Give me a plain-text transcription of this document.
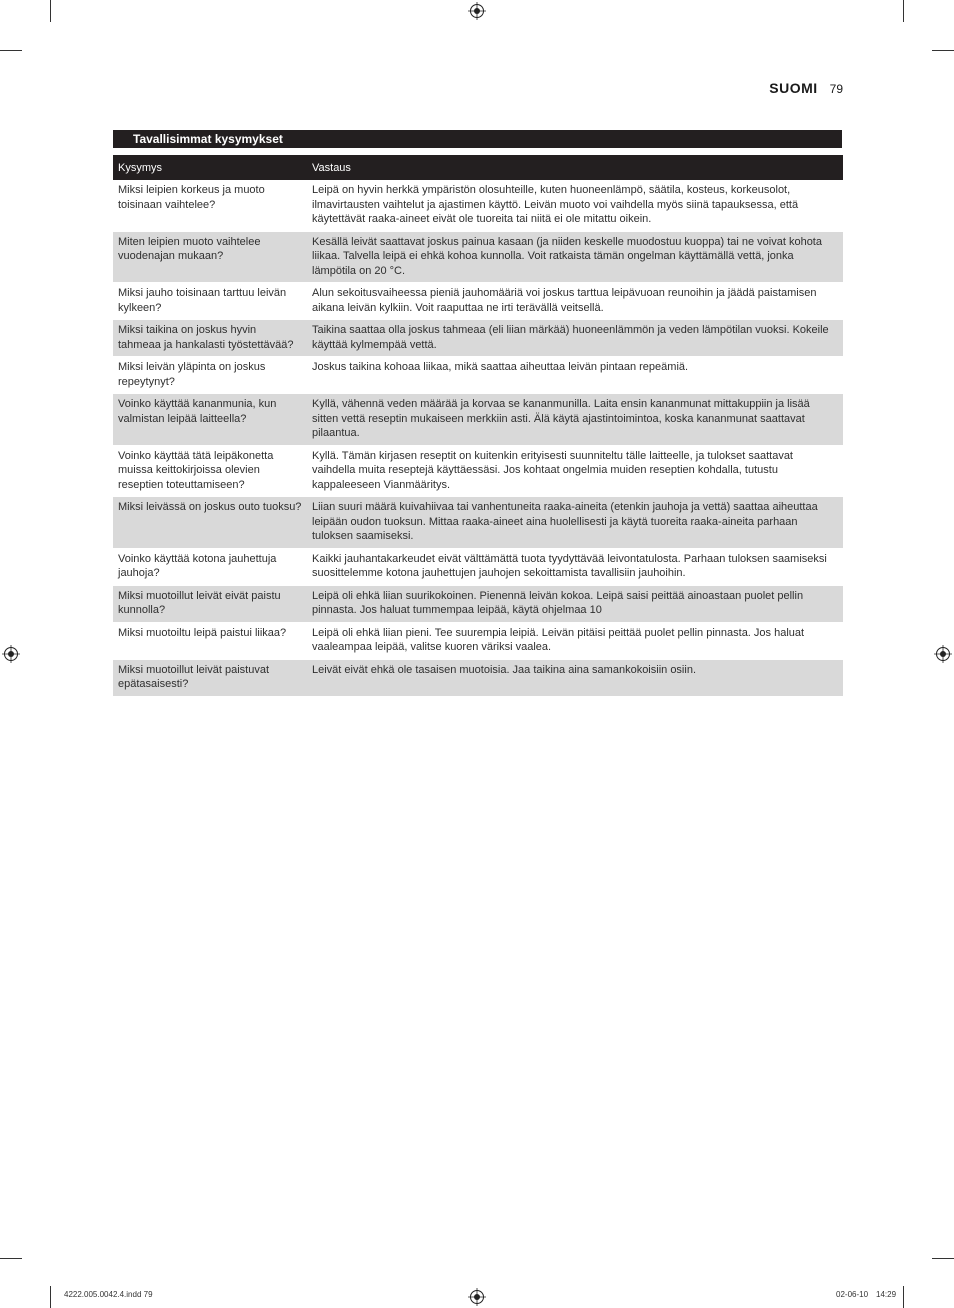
SUOMI 79
Tavallisimmat kysymykset
Kysymys	Vastaus
Miksi leipien korkeus ja muoto toisinaan vaihtelee?	Leipä on hyvin herkkä ympäristön olosuhteille, kuten huoneenlämpö, säätila, kosteus, korkeusolot, ilmavirtausten vaihtelut ja ajastimen käyttö. Leivän muoto voi vaihdella myös siinä tapauksessa, että käytettävät raaka-aineet eivät ole tuoreita tai niitä ei ole mitattu oikein.
Miten leipien muoto vaihtelee vuodenajan mukaan?	Kesällä leivät saattavat joskus painua kasaan (ja niiden keskelle muodostuu kuoppa) tai ne voivat kohota liikaa. Talvella leipä ei ehkä kohoa kunnolla. Voit ratkaista tämän ongelman käyttämällä vettä, jonka lämpötila on 20 °C.
Miksi jauho toisinaan tarttuu leivän kylkeen?	Alun sekoitusvaiheessa pieniä jauhomääriä voi joskus tarttua leipävuoan reunoihin ja jäädä paistamisen aikana leivän kylkiin. Voit raaputtaa ne irti terävällä veitsellä.
Miksi taikina on joskus hyvin tahmeaa ja hankalasti työstettävää?	Taikina saattaa olla joskus tahmeaa (eli liian märkää) huoneenlämmön ja veden lämpötilan vuoksi. Kokeile käyttää kylmempää vettä.
Miksi leivän yläpinta on joskus repeytynyt?	Joskus taikina kohoaa liikaa, mikä saattaa aiheuttaa leivän pintaan repeämiä.
Voinko käyttää kananmunia, kun valmistan leipää laitteella?	Kyllä, vähennä veden määrää ja korvaa se kananmunilla. Laita ensin kananmunat mittakuppiin ja lisää sitten vettä reseptin mukaiseen merkkiin asti. Älä käytä ajastintoimintoa, koska kananmunat saattavat pilaantua.
Voinko käyttää tätä leipäkonetta muissa keittokirjoissa olevien reseptien toteuttamiseen?	Kyllä. Tämän kirjasen reseptit on kuitenkin erityisesti suunniteltu tälle laitteelle, ja tulokset saattavat vaihdella muita reseptejä käyttäessäsi. Jos kohtaat ongelmia muiden reseptien kohdalla, tutustu kappaleeseen Vianmääritys.
Miksi leivässä on joskus outo tuoksu?	Liian suuri määrä kuivahiivaa tai vanhentuneita raaka-aineita (etenkin jauhoja ja vettä) saattaa aiheuttaa leipään oudon tuoksun. Mittaa raaka-aineet aina huolellisesti ja käytä tuoreita raaka-aineita parhaan tuloksen saamiseksi.
Voinko käyttää kotona jauhettuja jauhoja?	Kaikki jauhantakarkeudet eivät välttämättä tuota tyydyttävää leivontatulosta. Parhaan tuloksen saamiseksi suosittelemme kotona jauhettujen jauhojen sekoittamista tavallisiin jauhoihin.
Miksi muotoillut leivät eivät paistu kunnolla?	Leipä oli ehkä liian suurikokoinen. Pienennä leivän kokoa. Leipä saisi peittää ainoastaan puolet pellin pinnasta. Jos haluat tummempaa leipää, käytä ohjelmaa 10
Miksi muotoiltu leipä paistui liikaa?	Leipä oli ehkä liian pieni. Tee suurempia leipiä. Leivän pitäisi peittää puolet pellin pinnasta. Jos haluat vaaleampaa leipää, valitse kuoren väriksi vaalea.
Miksi muotoillut leivät paistuvat epätasaisesti?	Leivät eivät ehkä ole tasaisen muotoisia. Jaa taikina aina samankokoisiin osiin.
4222.005.0042.4.indd 79	02-06-10 14:29
